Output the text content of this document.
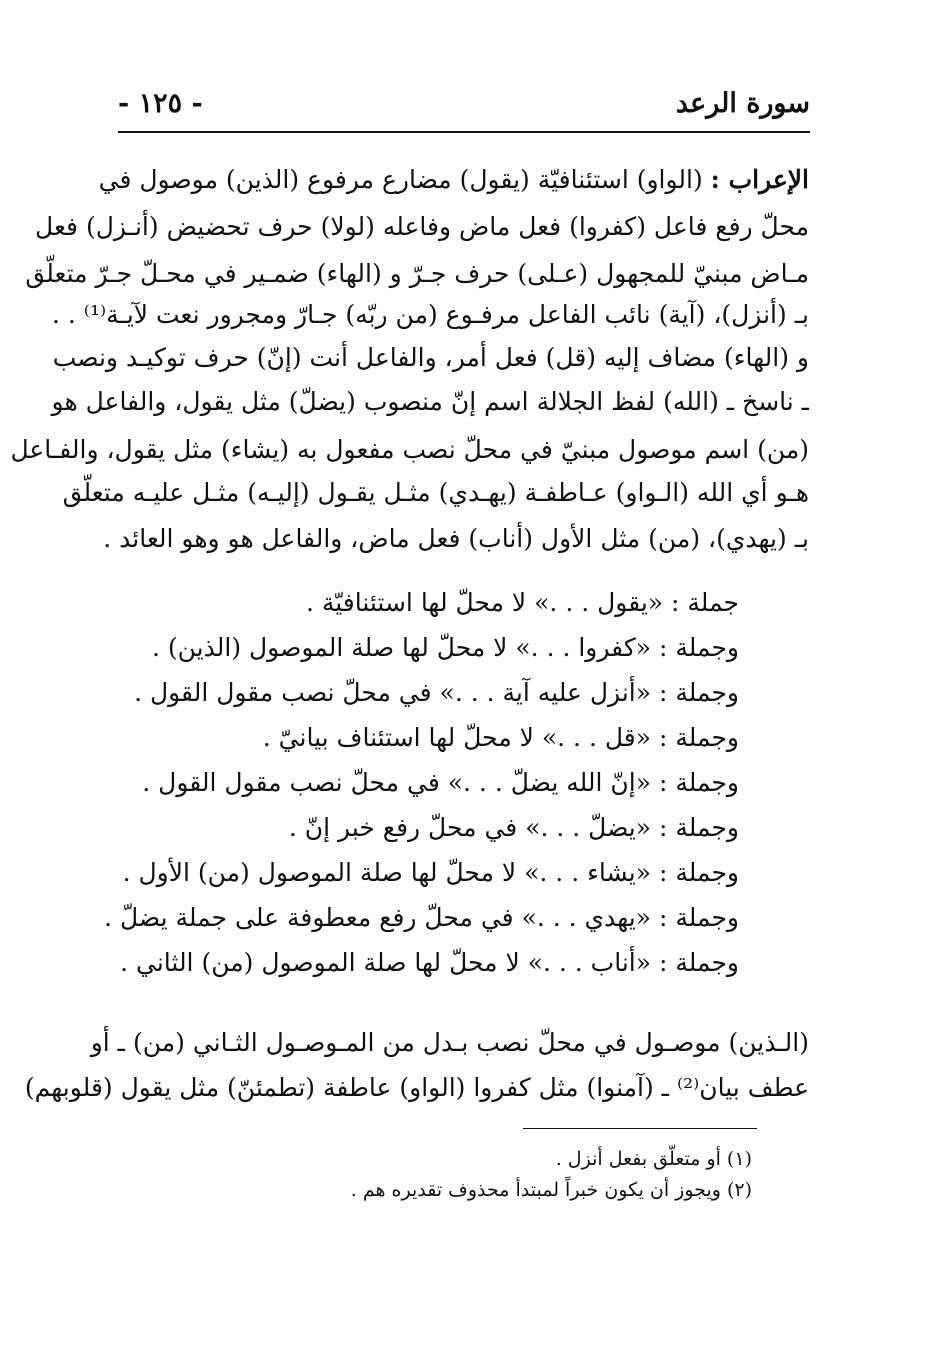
سورة الرعد
- ١٢٥ -
الإعراب : (الواو) استئنافيّة (يقول) مضارع مرفوع (الذين) موصول في
محلّ رفع فاعل (كفروا) فعل ماض وفاعله (لولا) حرف تحضيض (أنـزل) فعل
مـاض مبنيّ للمجهول (عـلى) حرف جـرّ و (الهاء) ضمـير في محـلّ جـرّ متعلّق
بـ (أنزل)، (آية) نائب الفاعل مرفـوع (من ربّه) جـارّ ومجرور نعت لآيـة⁽¹⁾ . .
و (الهاء) مضاف إليه (قل) فعل أمر، والفاعل أنت (إنّ) حرف توكيـد ونصب
ـ ناسخ ـ (الله) لفظ الجلالة اسم إنّ منصوب (يضلّ) مثل يقول، والفاعل هو
(من) اسم موصول مبنيّ في محلّ نصب مفعول به (يشاء) مثل يقول، والفـاعل
هـو أي الله (الـواو) عـاطفـة (يهـدي) مثـل يقـول (إليـه) مثـل عليـه متعلّق
بـ (يهدي)، (من) مثل الأول (أناب) فعل ماض، والفاعل هو وهو العائد .
جملة : «يقول . . .» لا محلّ لها استئنافيّة .
وجملة : «كفروا . . .» لا محلّ لها صلة الموصول (الذين) .
وجملة : «أنزل عليه آية . . .» في محلّ نصب مقول القول .
وجملة : «قل . . .» لا محلّ لها استئناف بيانيّ .
وجملة : «إنّ الله يضلّ . . .» في محلّ نصب مقول القول .
وجملة : «يضلّ . . .» في محلّ رفع خبر إنّ .
وجملة : «يشاء . . .» لا محلّ لها صلة الموصول (من) الأول .
وجملة : «يهدي . . .» في محلّ رفع معطوفة على جملة يضلّ .
وجملة : «أناب . . .» لا محلّ لها صلة الموصول (من) الثاني .
(الـذين) موصـول في محلّ نصب بـدل من المـوصـول الثـاني (من) ـ أو
عطف بيان⁽²⁾ ـ (آمنوا) مثل كفروا (الواو) عاطفة (تطمئنّ) مثل يقول (قلوبهم)
(١) أو متعلّق بفعل أنزل .
(٢) ويجوز أن يكون خبراً لمبتدأ محذوف تقديره هم .
